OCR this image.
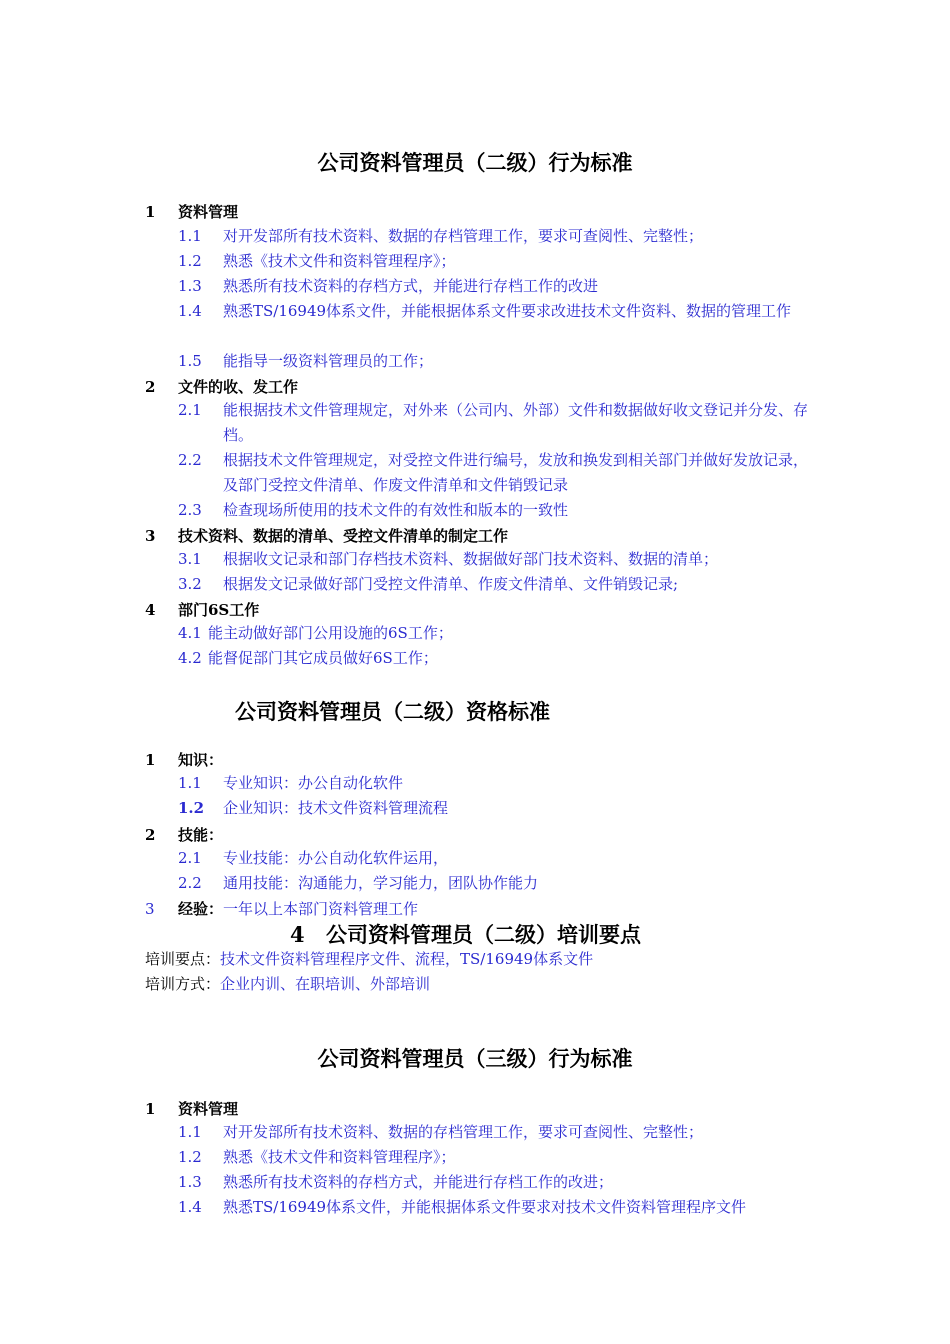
公司资料管理员（二级）行为标准
1 资料管理
1.1 对开发部所有技术资料、数据的存档管理工作，要求可查阅性、完整性；
1.2 熟悉《技术文件和资料管理程序》；
1.3 熟悉所有技术资料的存档方式，并能进行存档工作的改进
1.4 熟悉TS/16949体系文件，并能根据体系文件要求改进技术文件资料、数据的管理工作
1.5 能指导一级资料管理员的工作；
2 文件的收、发工作
2.1 能根据技术文件管理规定，对外来（公司内、外部）文件和数据做好收文登记并分发、存档。
2.2 根据技术文件管理规定，对受控文件进行编号，发放和换发到相关部门并做好发放记录，及部门受控文件清单、作废文件清单和文件销毁记录
2.3 检查现场所使用的技术文件的有效性和版本的一致性
3 技术资料、数据的清单、受控文件清单的制定工作
3.1 根据收文记录和部门存档技术资料、数据做好部门技术资料、数据的清单；
3.2 根据发文记录做好部门受控文件清单、作废文件清单、文件销毁记录;
4 部门6S工作
4.1 能主动做好部门公用设施的6S工作；
4.2 能督促部门其它成员做好6S工作；
公司资料管理员（二级）资格标准
1 知识：
1.1 专业知识：办公自动化软件
1.2 企业知识：技术文件资料管理流程
2 技能：
2.1 专业技能：办公自动化软件运用，
2.2 通用技能：沟通能力，学习能力，团队协作能力
3 经验：一年以上本部门资料管理工作
4 公司资料管理员（二级）培训要点
培训要点：技术文件资料管理程序文件、流程，TS/16949体系文件
培训方式：企业内训、在职培训、外部培训
公司资料管理员（三级）行为标准
1 资料管理
1.1 对开发部所有技术资料、数据的存档管理工作，要求可查阅性、完整性；
1.2 熟悉《技术文件和资料管理程序》；
1.3 熟悉所有技术资料的存档方式，并能进行存档工作的改进；
1.4 熟悉TS/16949体系文件，并能根据体系文件要求对技术文件资料管理程序文件
